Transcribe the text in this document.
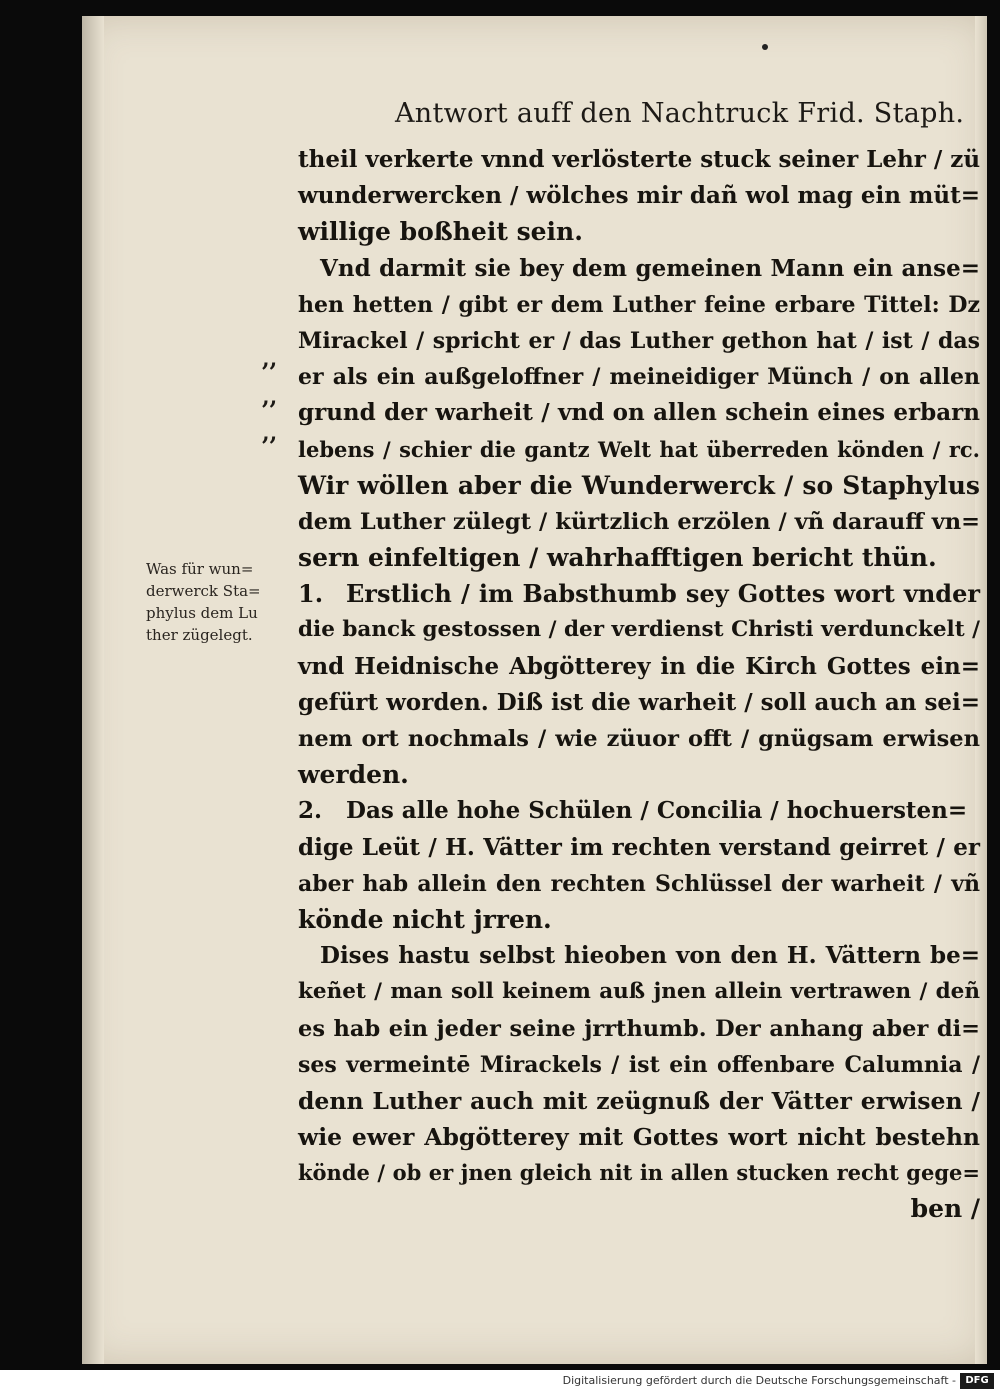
Antwort auff den Nachtruck Frid. Staph.
Was für wun=
derwerck Sta=
phylus dem Lu
ther zügelegt.
,,
,,
,,
theil verkerte vnnd verlösterte stuck seiner Lehr / zü
wunderwercken / wölches mir dañ wol mag ein müt=
willige boßheit sein.
Vnd darmit sie bey dem gemeinen Mann ein anse=
hen hetten / gibt er dem Luther feine erbare Tittel: Dz
Mirackel / spricht er / das Luther gethon hat / ist / das
er als ein außgeloffner / meineidiger Münch / on allen
grund der warheit / vnd on allen schein eines erbarn
lebens / schier die gantz Welt hat überreden könden / rc.
Wir wöllen aber die Wunderwerck / so Staphylus
dem Luther zülegt / kürtzlich erzölen / vñ darauff vn=
sern einfeltigen / wahrhafftigen bericht thün.
1. Erstlich / im Babsthumb sey Gottes wort vnder
die banck gestossen / der verdienst Christi verdunckelt /
vnd Heidnische Abgötterey in die Kirch Gottes ein=
gefürt worden. Diß ist die warheit / soll auch an sei=
nem ort nochmals / wie züuor offt / gnügsam erwisen
werden.
2. Das alle hohe Schülen / Concilia / hochuersten=
dige Leüt / H. Vätter im rechten verstand geirret / er
aber hab allein den rechten Schlüssel der warheit / vñ
könde nicht jrren.
Dises hastu selbst hieoben von den H. Vättern be=
keñet / man soll keinem auß jnen allein vertrawen / deñ
es hab ein jeder seine jrrthumb. Der anhang aber di=
ses vermeintē Mirackels / ist ein offenbare Calumnia /
denn Luther auch mit zeügnuß der Vätter erwisen /
wie ewer Abgötterey mit Gottes wort nicht bestehn
könde / ob er jnen gleich nit in allen stucken recht gege=
ben /
Digitalisierung gefördert durch die Deutsche Forschungsgemeinschaft - DFG
